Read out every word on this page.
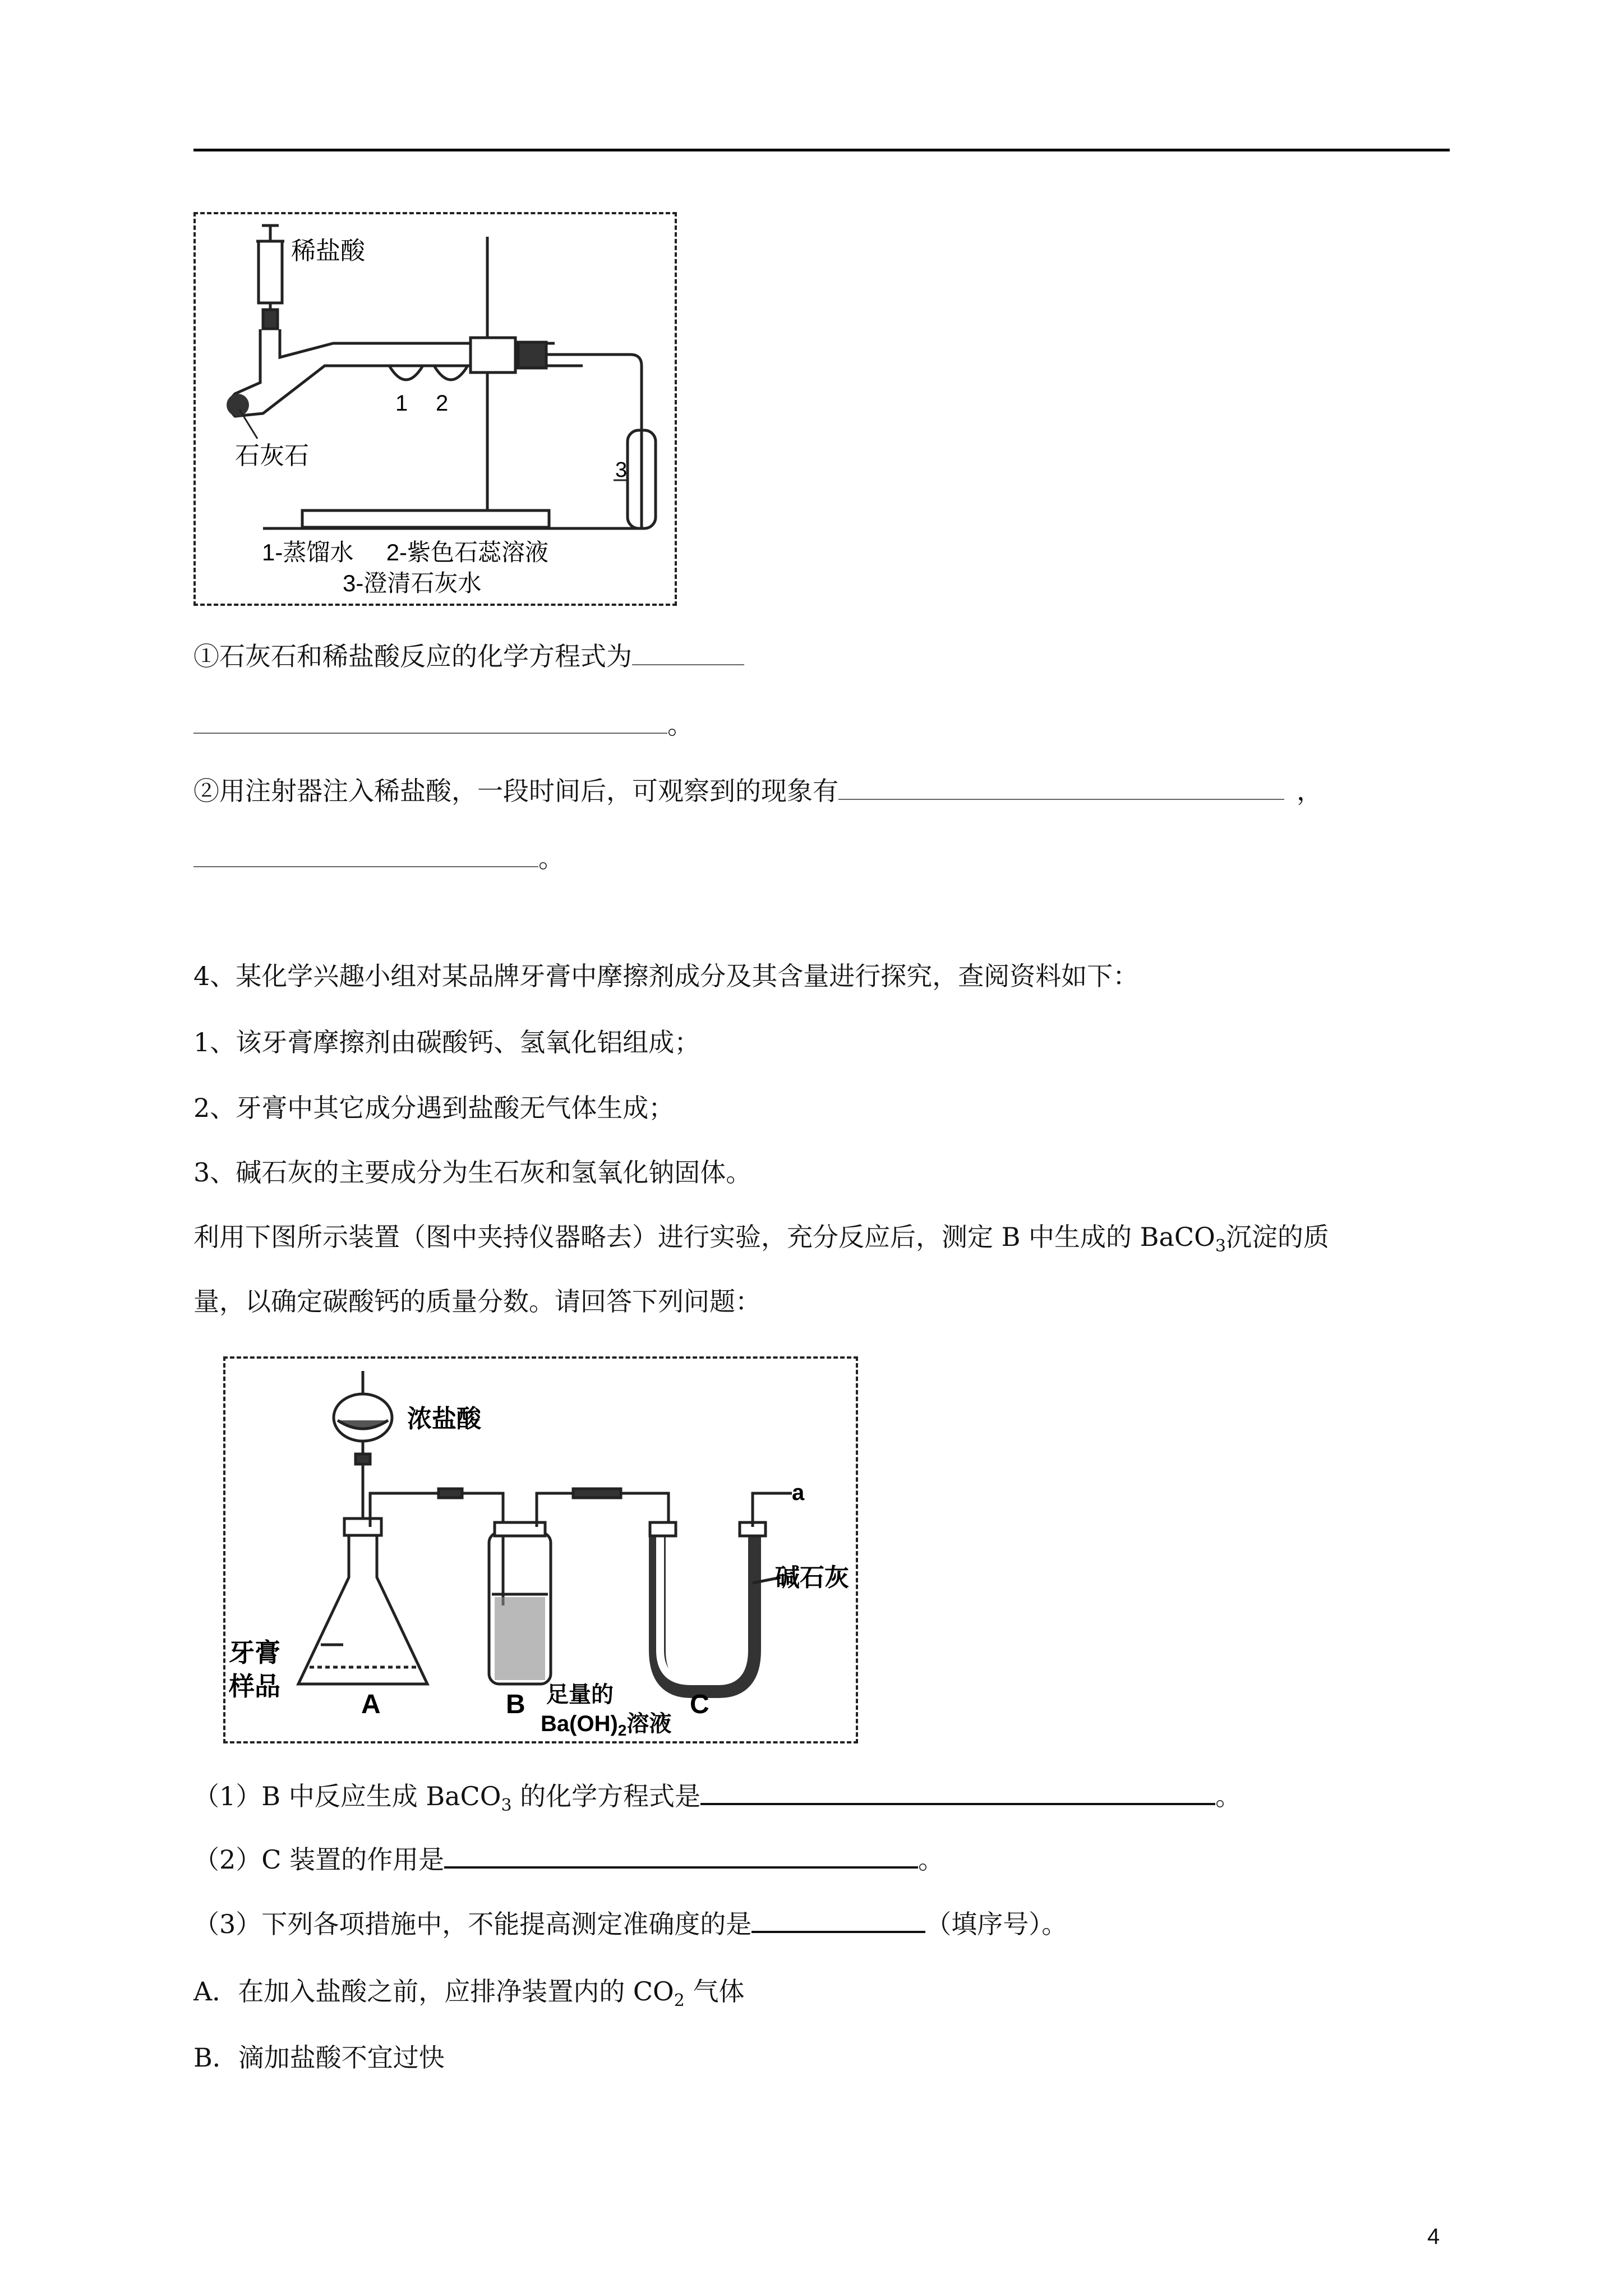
稀盐酸
石灰石
1 2
3
1-蒸馏水     2-紫色石蕊溶液
3-澄清石灰水
①石灰石和稀盐酸反应的化学方程式为
。
②用注射器注入稀盐酸，一段时间后，可观察到的现象有	，
。
4、某化学兴趣小组对某品牌牙膏中摩擦剂成分及其含量进行探究，查阅资料如下：
1、该牙膏摩擦剂由碳酸钙、氢氧化铝组成；
2、牙膏中其它成分遇到盐酸无气体生成；
3、碱石灰的主要成分为生石灰和氢氧化钠固体。
利用下图所示装置（图中夹持仪器略去）进行实验，充分反应后，测定 B 中生成的 BaCO$_3$沉淀的质
量，以确定碳酸钙的质量分数。请回答下列问题：
浓盐酸
牙膏
样品
A	B	C
a
碱石灰
足量的
$Ba(OH)_2$溶液
（1）B 中反应生成 BaCO$_3$ 的化学方程式是	。
（2）C 装置的作用是	。
（3）下列各项措施中，不能提高测定准确度的是	（填序号）。
A．在加入盐酸之前，应排净装置内的 $CO_2$ 气体
B．滴加盐酸不宜过快
4
